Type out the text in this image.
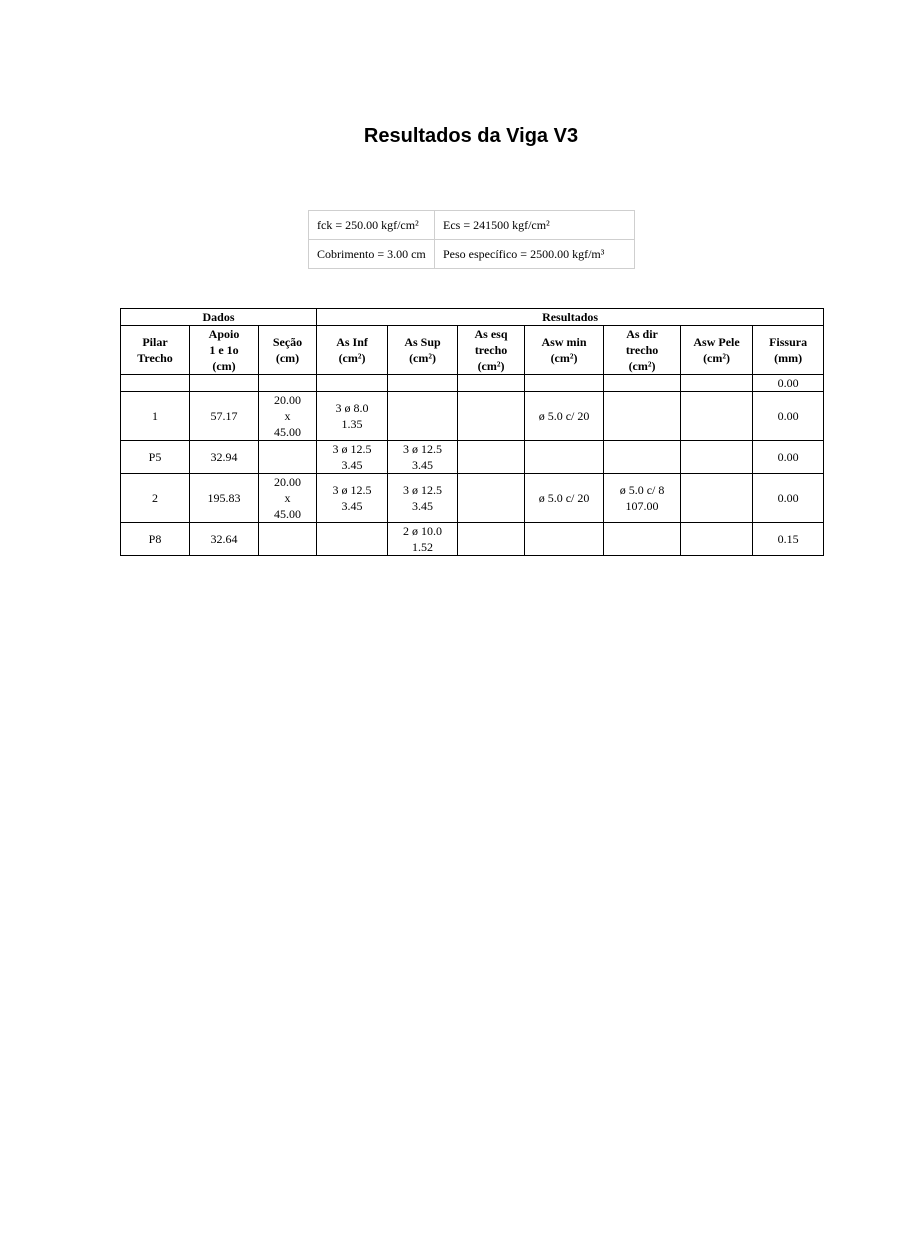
Resultados da Viga V3
fck = 250.00 kgf/cm²	Ecs = 241500 kgf/cm²
Cobrimento = 3.00 cm	Peso específico = 2500.00 kgf/m³
Dados			Resultados						
Pilar
Trecho	Apoio
1 e 1o
(cm)	Seção
(cm)	As Inf
(cm²)	As Sup
(cm²)	As esq
trecho
(cm²)	Asw min
(cm²)	As dir
trecho
(cm²)	Asw Pele
(cm²)	Fissura
(mm)
									0.00
1	57.17	20.00
x
45.00	3 ø 8.0
1.35			ø 5.0 c/ 20			0.00
P5	32.94		3 ø 12.5
3.45	3 ø 12.5
3.45					0.00
2	195.83	20.00
x
45.00	3 ø 12.5
3.45	3 ø 12.5
3.45		ø 5.0 c/ 20	ø 5.0 c/ 8
107.00		0.00
P8	32.64			2 ø 10.0
1.52					0.15
